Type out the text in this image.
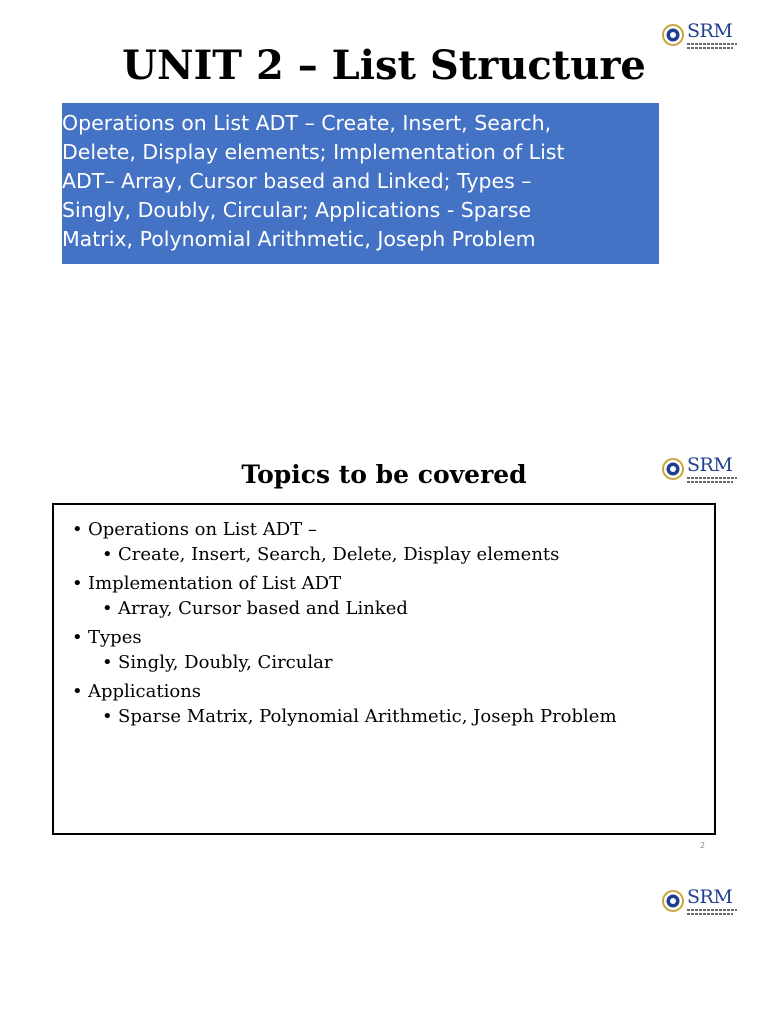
SRM
UNIT 2 – List Structure
Operations on List ADT – Create, Insert, Search,
Delete, Display elements; Implementation of List
ADT– Array, Cursor based and Linked; Types –
Singly, Doubly, Circular; Applications - Sparse
Matrix, Polynomial Arithmetic, Joseph Problem
SRM
Topics to be covered
• Operations on List ADT –
• Create, Insert, Search, Delete, Display elements
• Implementation of List ADT
• Array, Cursor based and Linked
• Types
• Singly, Doubly, Circular
• Applications
• Sparse Matrix, Polynomial Arithmetic, Joseph Problem
2
SRM
